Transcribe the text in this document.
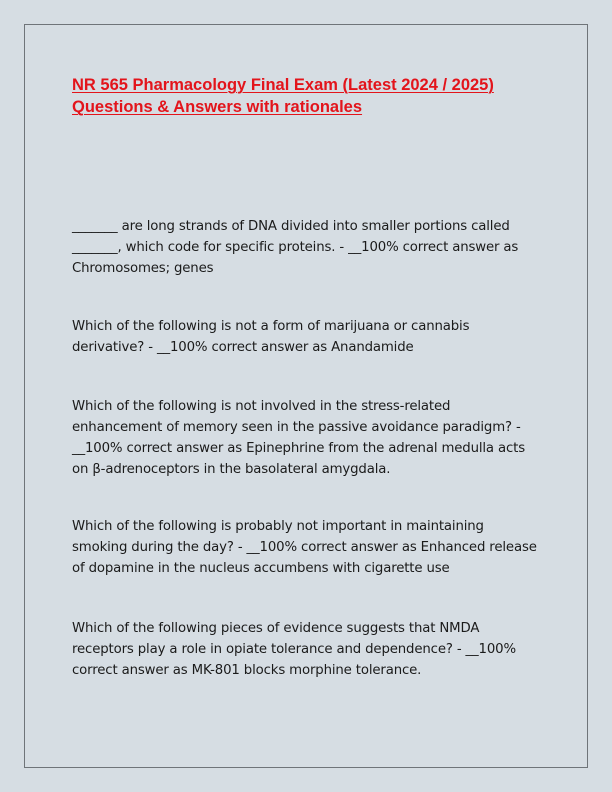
NR 565 Pharmacology Final Exam (Latest 2024 / 2025) Questions & Answers with rationales

_______ are long strands of DNA divided into smaller portions called _______, which code for specific proteins. - __100% correct answer as Chromosomes; genes

Which of the following is not a form of marijuana or cannabis derivative? - __100% correct answer as Anandamide

Which of the following is not involved in the stress-related enhancement of memory seen in the passive avoidance paradigm? - __100% correct answer as Epinephrine from the adrenal medulla acts on β-adrenoceptors in the basolateral amygdala.

Which of the following is probably not important in maintaining smoking during the day? - __100% correct answer as Enhanced release of dopamine in the nucleus accumbens with cigarette use

Which of the following pieces of evidence suggests that NMDA receptors play a role in opiate tolerance and dependence? - __100% correct answer as MK-801 blocks morphine tolerance.
